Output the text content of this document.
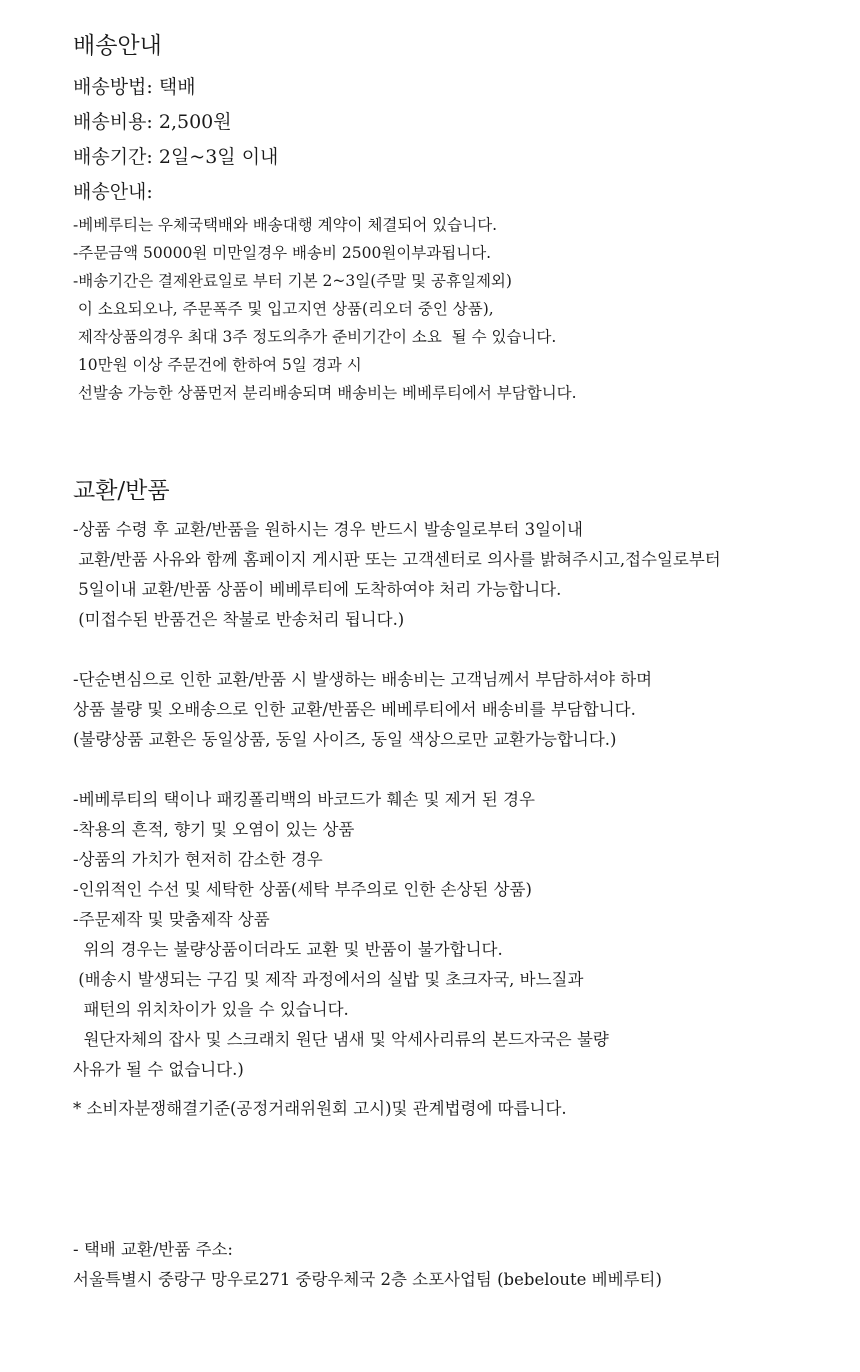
배송안내
배송방법: 택배
배송비용: 2,500원
배송기간: 2일~3일 이내
배송안내:
-베베루티는 우체국택배와 배송대행 계약이 체결되어 있습니다.
-주문금액 50000원 미만일경우 배송비 2500원이부과됩니다.
-배송기간은 결제완료일로 부터 기본 2~3일(주말 및 공휴일제외)
이 소요되오나, 주문폭주 및 입고지연 상품(리오더 중인 상품),
제작상품의경우 최대 3주 정도의추가 준비기간이 소요  될 수 있습니다.
10만원 이상 주문건에 한하여 5일 경과 시
선발송 가능한 상품먼저 분리배송되며 배송비는 베베루티에서 부담합니다.
교환/반품
-상품 수령 후 교환/반품을 원하시는 경우 반드시 발송일로부터 3일이내
교환/반품 사유와 함께 홈페이지 게시판 또는 고객센터로 의사를 밝혀주시고,접수일로부터
5일이내 교환/반품 상품이 베베루티에 도착하여야 처리 가능합니다.
(미접수된 반품건은 착불로 반송처리 됩니다.)
-단순변심으로 인한 교환/반품 시 발생하는 배송비는 고객님께서 부담하셔야 하며
상품 불량 및 오배송으로 인한 교환/반품은 베베루티에서 배송비를 부담합니다.
(불량상품 교환은 동일상품, 동일 사이즈, 동일 색상으로만 교환가능합니다.)
-베베루티의 택이나 패킹폴리백의 바코드가 훼손 및 제거 된 경우
-착용의 흔적, 향기 및 오염이 있는 상품
-상품의 가치가 현저히 감소한 경우
-인위적인 수선 및 세탁한 상품(세탁 부주의로 인한 손상된 상품)
-주문제작 및 맞춤제작 상품
위의 경우는 불량상품이더라도 교환 및 반품이 불가합니다.
(배송시 발생되는 구김 및 제작 과정에서의 실밥 및 초크자국, 바느질과
패턴의 위치차이가 있을 수 있습니다.
원단자체의 잡사 및 스크래치 원단 냄새 및 악세사리류의 본드자국은 불량
사유가 될 수 없습니다.)
* 소비자분쟁해결기준(공정거래위원회 고시)및 관계법령에 따릅니다.
- 택배 교환/반품 주소:
서울특별시 중랑구 망우로271 중랑우체국 2층 소포사업팀 (bebeloute 베베루티)
